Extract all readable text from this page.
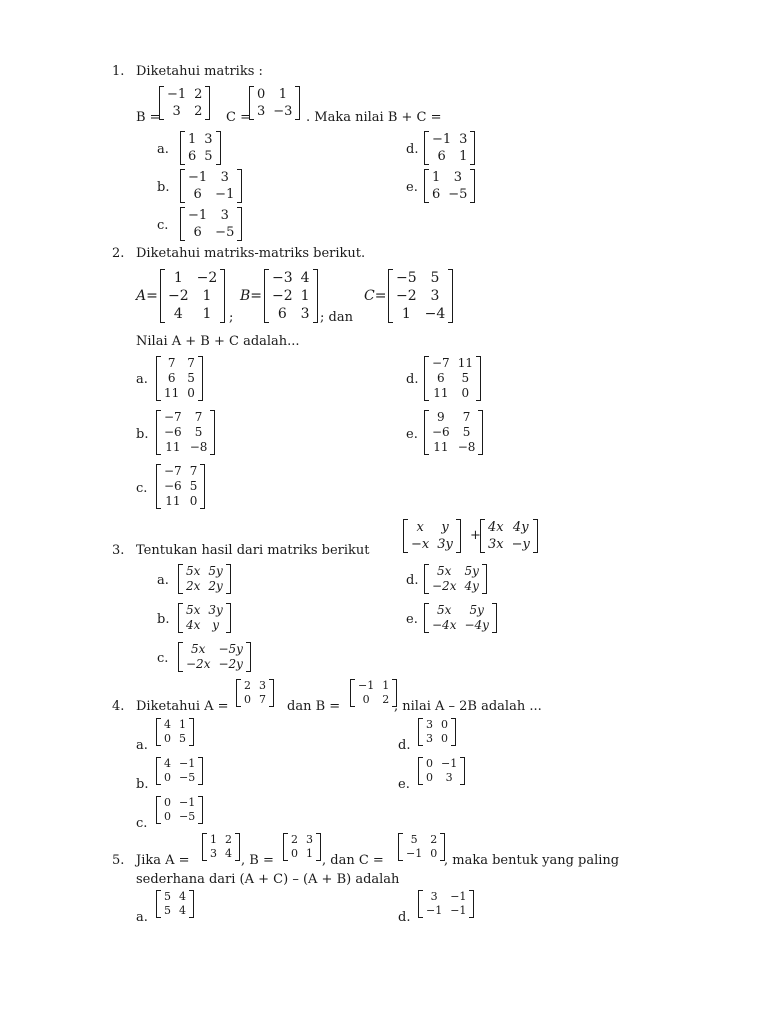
1. Diketahui matriks :
B =
−1 2
3	2 C =
0	1
3 −3 . Maka nilai B + C =
a.
1 3
6 5
b.
−1	3
6	−1
c.
−1	3
6	−5
d.
−1 3
6	1
e.
1	3
6 −5
2. Diketahui matriks-matriks berikut.
A=
1 −2
−2 1
4	1	;
B=
−3 4
−2 1
6 3 ; dan
C=
−5 5
−2 3
1 −4
Nilai A + B + C adalah...
a.
7 7
6 5
11 0
b.
−7	7
−6	5
11 −8
c.
−7 7
−6 5
11 0
d.
−7 11
6	5
11	0
e.
9	7
−6	5
11 −8
3. Tentukan hasil dari matriks berikut
x	y
−x 3y
+
4x 4y
3x −y
a.
5x 5y
2x 2y
b.
5x 3y
4x y
c.
5x	−5y
−2x −2y
d.
5x	5y
−2x 4y
e.
5x	5y
−4x −4y
4. Diketahui A =
2 3
0 7 dan B =
−1 1
0	2 , nilai A – 2B adalah ...
a.
4 1
0 5
b.
4 −1
0 −5
c.
0 −1
0 −5
d.
3 0
3 0
e.
0 −1
0	3
5. Jika A =
1 2
3 4 , B =
2 3
0 1 , dan C =
5	2
−1 0 , maka bentuk yang paling
sederhana dari (A + C) – (A + B) adalah
a.
5 4
5 4	d.
3	−1
−1 −1
